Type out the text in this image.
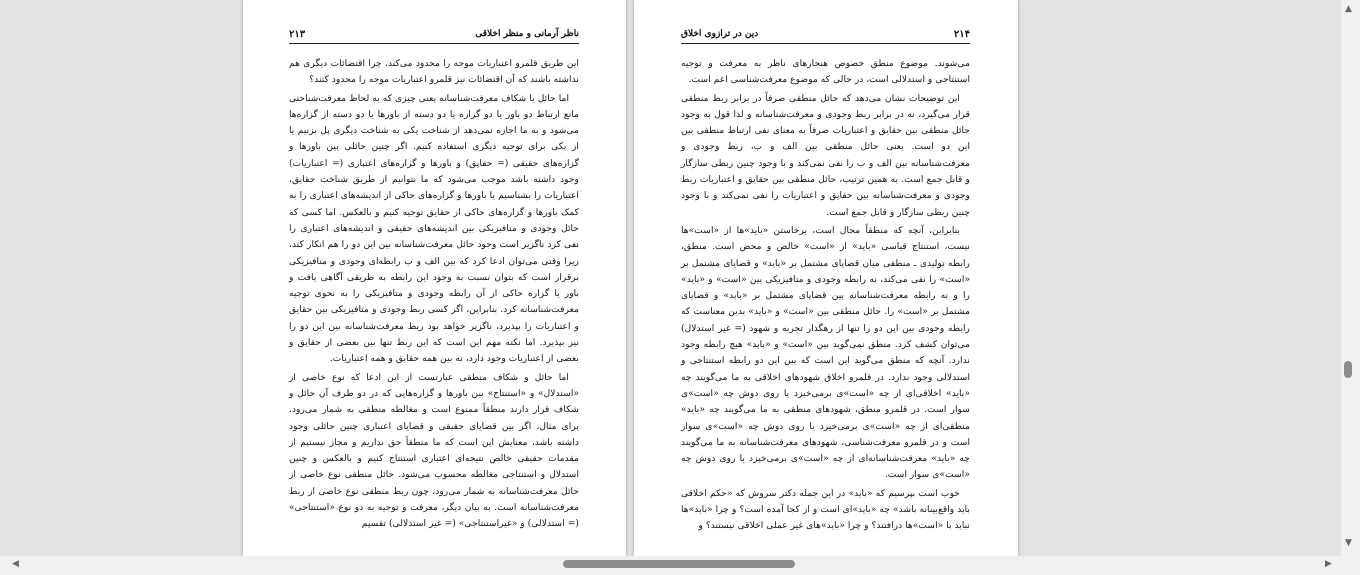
۲۱۳	ناظر آرمانی و منظر اخلاقی

این طریق قلمرو اعتباریات موجه را محدود می‌کند. چرا اقتضائات دیگری هم نداشته باشند که آن اقتضائات نیز قلمرو اعتباریات موجه را محدود کنند؟

اما حائل یا شکاف معرفت‌شناسانه یعنی چیزی که به لحاظ معرفت‌شناختی مانع ارتباط دو باور یا دو گزاره یا دو دسته از باورها یا دو دسته از گزاره‌ها می‌شود و به ما اجازه نمی‌دهد از شناخت یکی به شناخت دیگری پل بزنیم یا از یکی برای توجیه دیگری استفاده کنیم. اگر چنین حائلی بین باورها و گزاره‌های حقیقی (= حقایق) و باورها و گزاره‌های اعتباری (= اعتباریات) وجود داشته باشد موجب می‌شود که ما نتوانیم از طریق شناخت حقایق، اعتباریات را بشناسیم یا باورها و گزاره‌های حاکی از اندیشه‌های اعتباری را به کمک باورها و گزاره‌های حاکی از حقایق توجیه کنیم و بالعکس. اما کسی که حائل وجودی و متافیزیکی بین اندیشه‌های حقیقی و اندیشه‌های اعتباری را نفی کرد ناگزیر است وجود حائل معرفت‌شناسانه بین این دو را هم انکار کند، زیرا وقتی می‌توان ادعا کرد که بین الف و ب رابطه‌ای وجودی و متافیزیکی برقرار است که بتوان نسبت به وجود این رابطه به طریقی آگاهی یافت و باور یا گزاره حاکی از آن رابطه وجودی و متافیزیکی را به نحوی توجیه معرفت‌شناسانه کرد. بنابراین، اگر کسی ربط وجودی و متافیزیکی بین حقایق و اعتباریات را بپذیرد، ناگزیر خواهد بود ربط معرفت‌شناسانه بین این دو را نیز بپذیرد. اما نکته مهم این است که این ربط تنها بین بعضی از حقایق و بعضی از اعتباریات وجود دارد، نه بین همه حقایق و همه اعتباریات.

اما حائل و شکاف منطقی عبارتست از این ادعا که نوع خاصی از «استدلال» و «استنتاج» بین باورها و گزاره‌هایی که در دو طرف آن حائل و شکاف قرار دارند منطقاً ممنوع است و مغالطه منطقی به شمار می‌رود. برای مثال، اگر بین قضایای حقیقی و قضایای اعتباری چنین حائلی وجود داشته باشد، معنایش این است که ما منطقاً حق نداریم و مجاز نیستیم از مقدمات حقیقی خالص نتیجه‌ای اعتباری استنتاج کنیم و بالعکس و چنین استدلال و استنتاجی مغالطه محسوب می‌شود. حائل منطقی نوع خاصی از حائل معرفت‌شناسانه به شمار می‌رود، چون ربط منطقی نوع خاصی از ربط معرفت‌شناسانه است. به بیان دیگر، معرفت و توجیه به دو نوع «استنتاجی» (= استدلالی) و «غیراستنتاجی» (= غیر استدلالی) تقسیم

دین در ترازوی اخلاق	۲۱۴

می‌شوند. موضوع منطق خصوص هنجارهای ناظر به معرفت و توجیه استنتاجی و استدلالی است، در حالی که موضوع معرفت‌شناسی اعم است.

این توضیحات نشان می‌دهد که حائل منطقی صرفاً در برابر ربط منطقی قرار می‌گیرد، نه در برابر ربط وجودی و معرفت‌شناسانه و لذا قول به وجود حائل منطقی بین حقایق و اعتباریات صرفاً به معنای نفی ارتباط منطقی بین این دو است. یعنی حائل منطقی بین الف و ب، ربط وجودی و معرفت‌شناسانه بین الف و ب را نفی نمی‌کند و با وجود چنین ربطی سازگار و قابل جمع است. به همین ترتیب، حائل منطقی بین حقایق و اعتباریات ربط وجودی و معرفت‌شناسانه بین حقایق و اعتباریات را نفی نمی‌کند و با وجود چنین ربطی سازگار و قابل جمع است.

بنابراین، آنچه که منطقاً محال است، برخاستن «باید»ها از «است»ها نیست، استنتاج قیاسی «باید» از «است» خالص و محض است. منطق، رابطه تولیدی ـ منطقی میان قضایای مشتمل بر «باید» و قضایای مشتمل بر «است» را نفی می‌کند، نه رابطه وجودی و متافیزیکی بین «است» و «باید» را و نه رابطه معرفت‌شناسانه بین قضایای مشتمل بر «باید» و قضایای مشتمل بر «است» را. حائل منطقی بین «است» و «باید» بدین معناست که رابطه وجودی بین این دو را تنها از رهگذار تجربه و شهود (= غیر استدلال) می‌توان کشف کرد. منطق نمی‌گوید بین «است» و «باید» هیچ رابطه وجود ندارد. آنچه که منطق می‌گوید این است که بین این دو رابطه استنتاجی و استدلالی وجود ندارد. در قلمرو اخلاق شهودهای اخلاقی به ما می‌گویند چه «باید» اخلاقی‌ای از چه «است»ی برمی‌خیزد یا روی دوش چه «است»ی سوار است. در قلمرو منطق، شهودهای منطقی به ما می‌گویند چه «باید» منطقی‌ای از چه «است»ی برمی‌خیزد یا روی دوش چه «است»ی سوار است و در قلمرو معرفت‌شناسی، شهودهای معرفت‌شناسانه به ما می‌گویند چه «باید» معرفت‌شناسانه‌ای از چه «است»ی برمی‌خیزد یا روی دوش چه «است»ی سوار است.

خوب است بپرسیم که «باید» در این جمله دکتر سروش که «حکم اخلاقی باید واقع‌بینانه باشد» چه «باید»ای است و از کجا آمده است؟ و چرا «باید»ها نباید با «است»ها درافتند؟ و چرا «باید»های غیر عملی اخلاقی نیستند؟ و

▲
▼
◀	▶
